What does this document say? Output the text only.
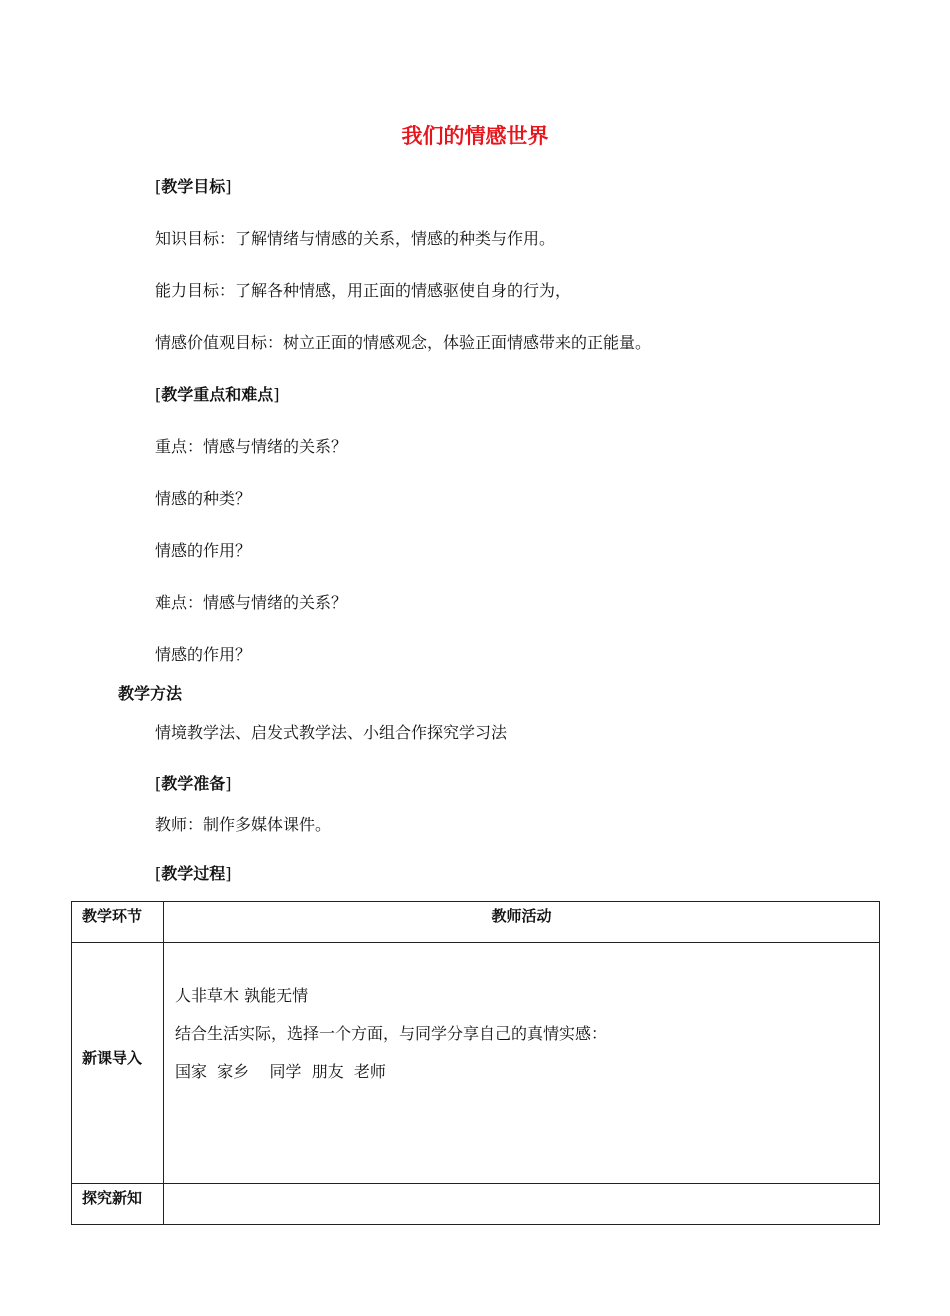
我们的情感世界
[教学目标]
知识目标：了解情绪与情感的关系，情感的种类与作用。
能力目标：了解各种情感，用正面的情感驱使自身的行为，
情感价值观目标：树立正面的情感观念，体验正面情感带来的正能量。
[教学重点和难点]
重点：情感与情绪的关系？
情感的种类？
情感的作用？
难点：情感与情绪的关系？
情感的作用？
教学方法
情境教学法、启发式教学法、小组合作探究学习法
[教学准备]
教师：制作多媒体课件。
[教学过程]
教学环节	教师活动

新课导入	人非草木 孰能无情
结合生活实际，选择一个方面，与同学分享自己的真情实感：
国家  家乡    同学  朋友  老师

探究新知	
